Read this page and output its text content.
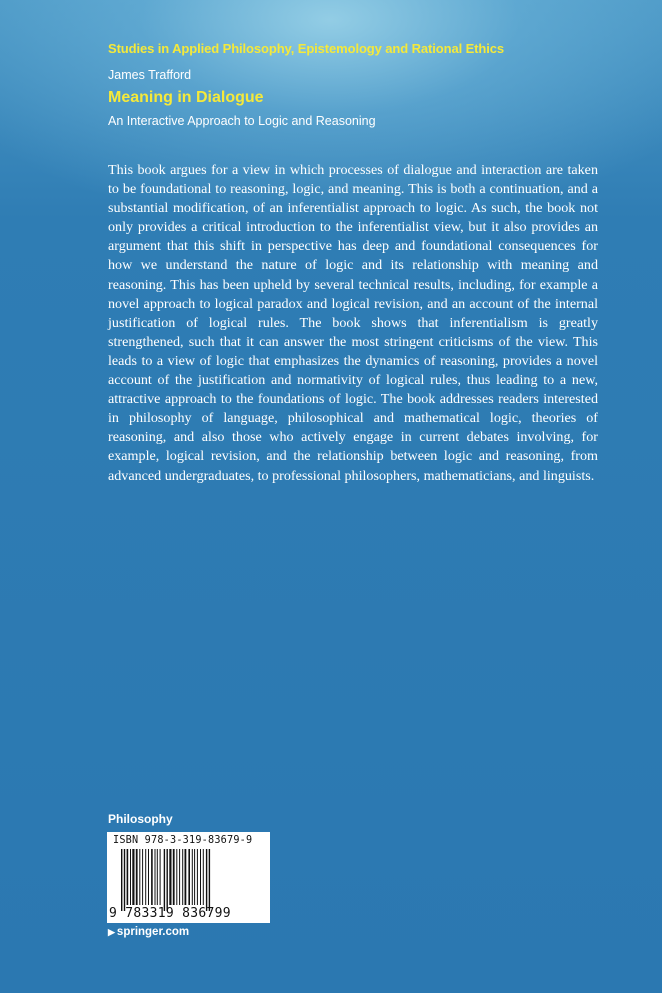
Studies in Applied Philosophy, Epistemology and Rational Ethics
James Trafford
Meaning in Dialogue
An Interactive Approach to Logic and Reasoning

This book argues for a view in which processes of dialogue and interaction are taken to be foundational to reasoning, logic, and meaning. This is both a continuation, and a substantial modification, of an inferentialist approach to logic. As such, the book not only provides a critical introduction to the inferentialist view, but it also provides an argument that this shift in perspective has deep and foundational consequences for how we understand the nature of logic and its relationship with meaning and reasoning. This has been upheld by several technical results, including, for example a novel approach to logical paradox and logical revision, and an account of the internal justification of logical rules. The book shows that inferentialism is greatly strengthened, such that it can answer the most stringent criticisms of the view. This leads to a view of logic that emphasizes the dynamics of reasoning, provides a novel account of the justification and normativity of logical rules, thus leading to a new, attractive approach to the foundations of logic. The book addresses readers interested in philosophy of language, philosophical and mathematical logic, theories of reasoning, and also those who actively engage in current debates involving, for example, logical revision, and the relationship between logic and reasoning, from advanced undergraduates, to professional philosophers, mathematicians, and linguists.

Philosophy
ISBN 978-3-319-83679-9
9 783319 836799
▶ springer.com
